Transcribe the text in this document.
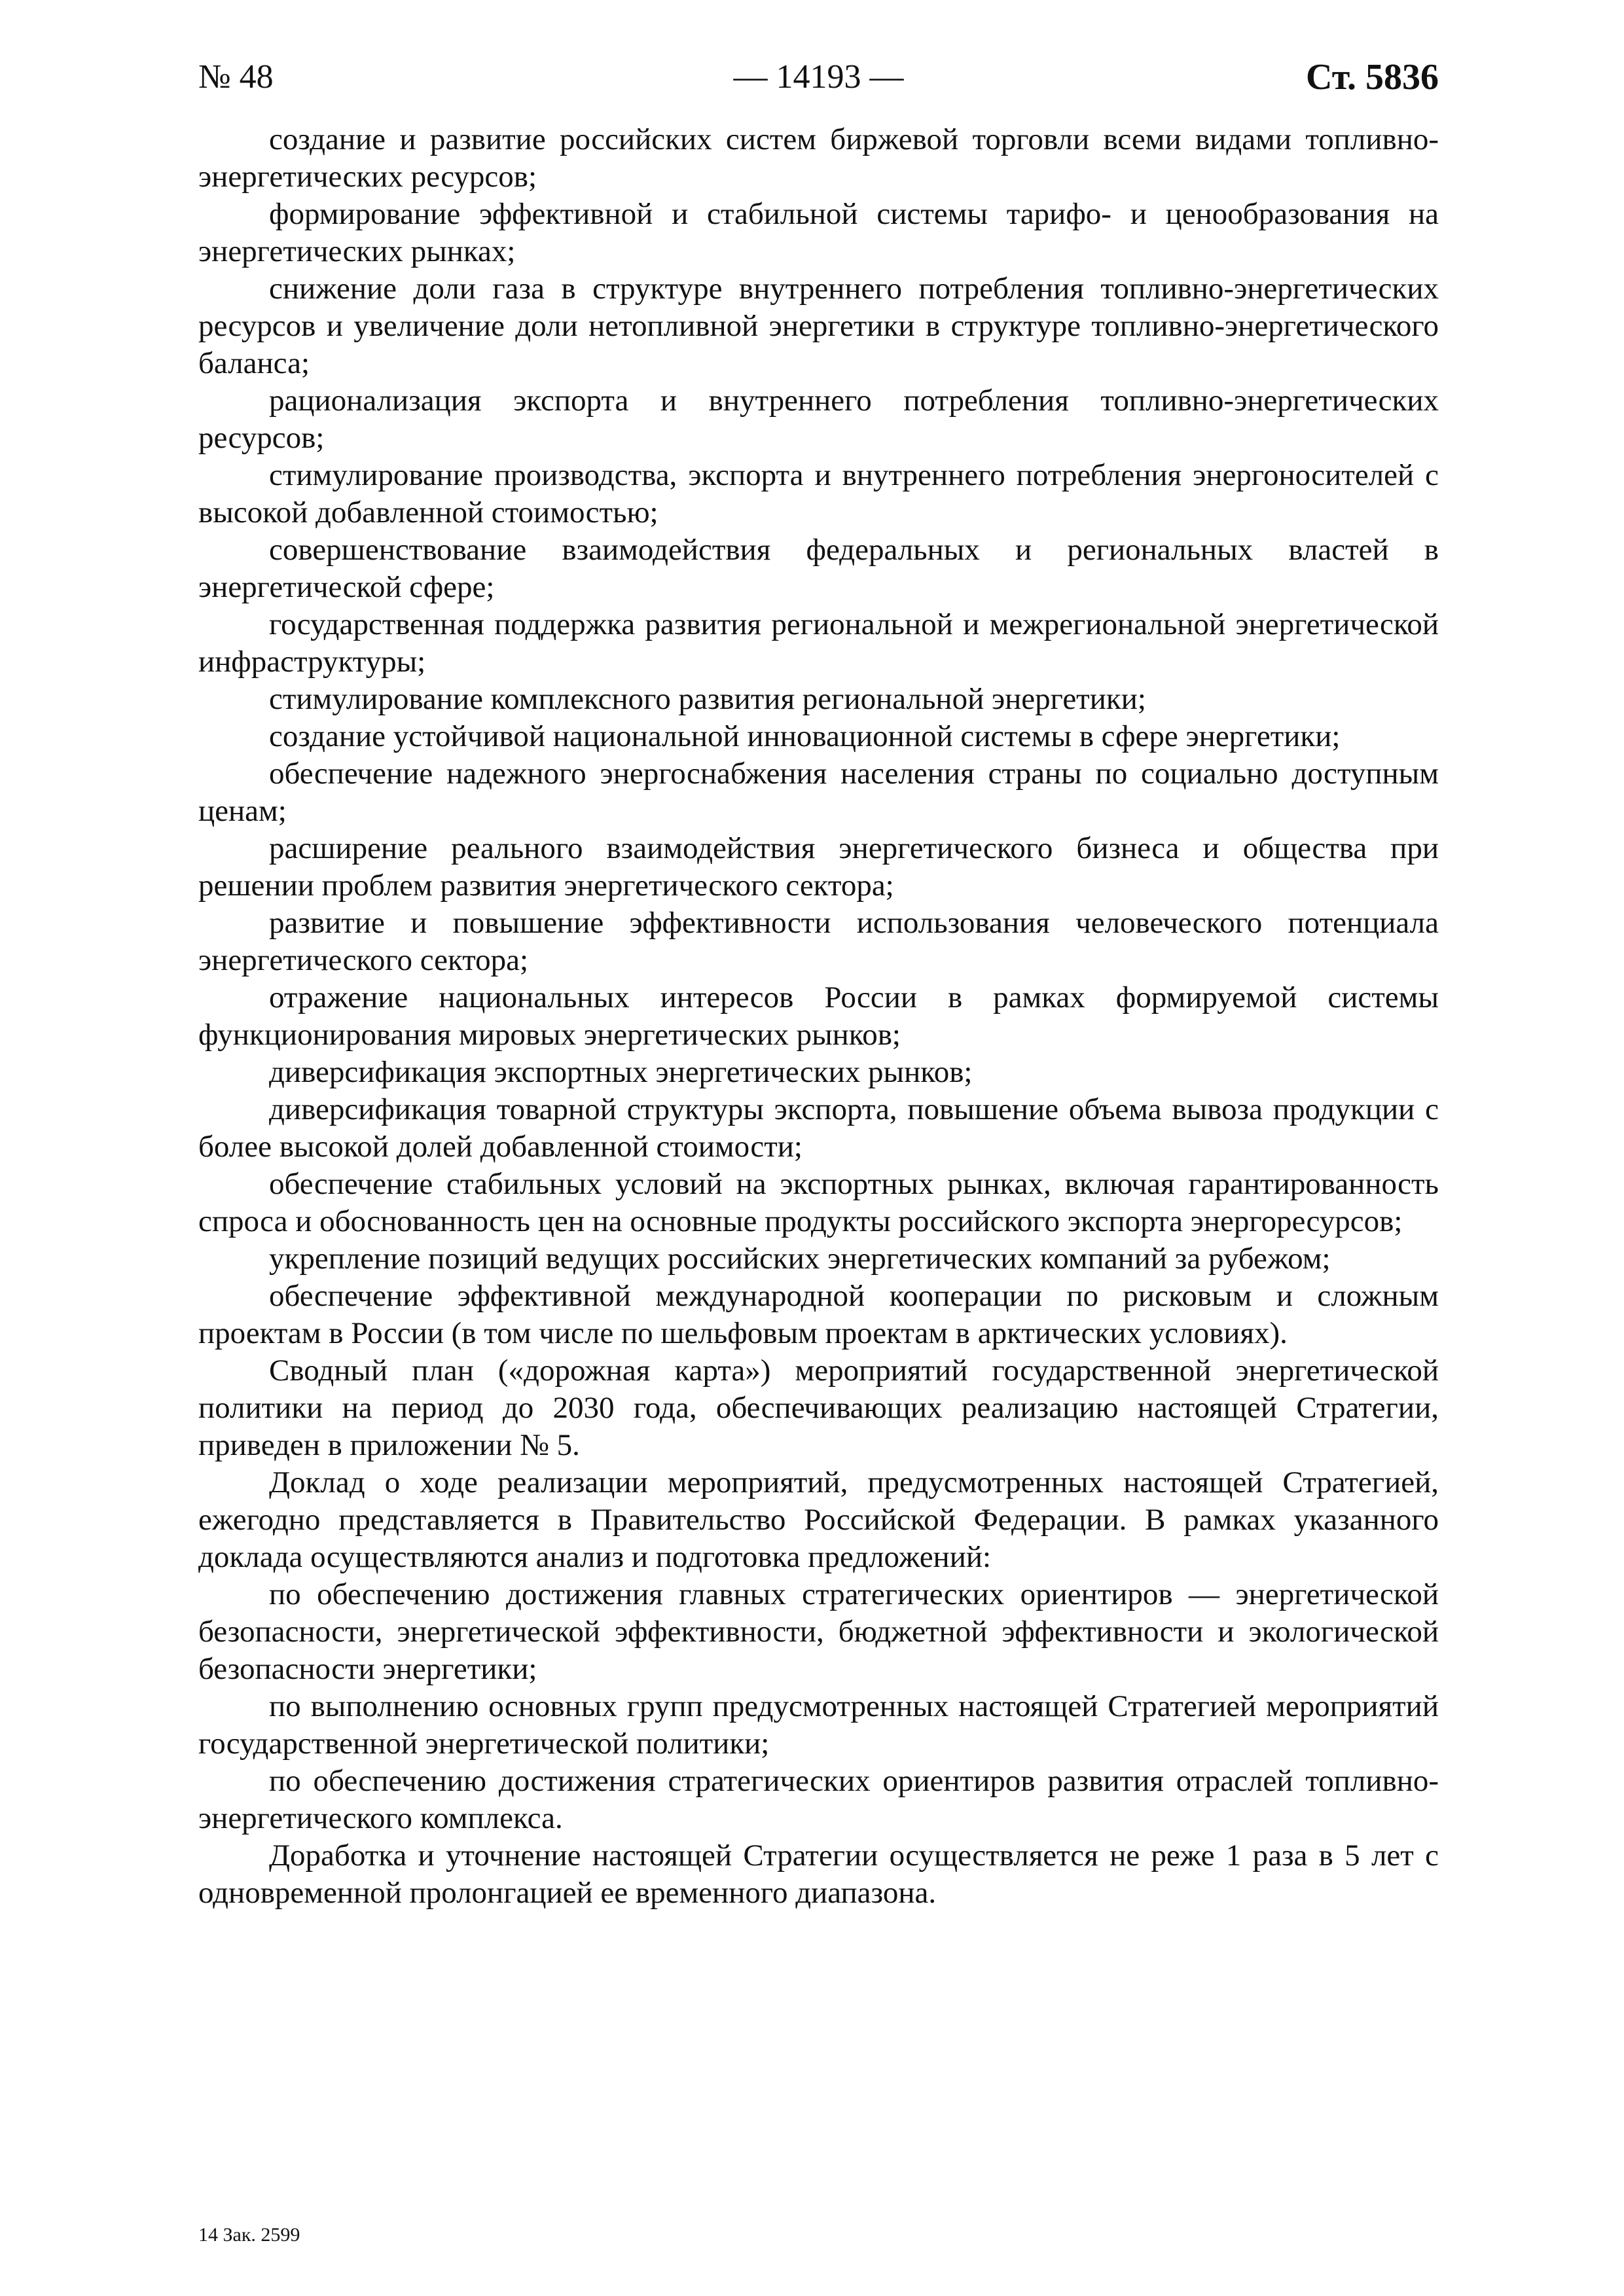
№ 48	— 14193 —	Ст. 5836

создание и развитие российских систем биржевой торговли всеми видами топливно-энергетических ресурсов;

формирование эффективной и стабильной системы тарифо- и ценообразования на энергетических рынках;

снижение доли газа в структуре внутреннего потребления топливно-энергетических ресурсов и увеличение доли нетопливной энергетики в структуре топливно-энергетического баланса;

рационализация экспорта и внутреннего потребления топливно-энергетических ресурсов;

стимулирование производства, экспорта и внутреннего потребления энергоносителей с высокой добавленной стоимостью;

совершенствование взаимодействия федеральных и региональных властей в энергетической сфере;

государственная поддержка развития региональной и межрегиональной энергетической инфраструктуры;

стимулирование комплексного развития региональной энергетики;

создание устойчивой национальной инновационной системы в сфере энергетики;

обеспечение надежного энергоснабжения населения страны по социально доступным ценам;

расширение реального взаимодействия энергетического бизнеса и общества при решении проблем развития энергетического сектора;

развитие и повышение эффективности использования человеческого потенциала энергетического сектора;

отражение национальных интересов России в рамках формируемой системы функционирования мировых энергетических рынков;

диверсификация экспортных энергетических рынков;

диверсификация товарной структуры экспорта, повышение объема вывоза продукции с более высокой долей добавленной стоимости;

обеспечение стабильных условий на экспортных рынках, включая гарантированность спроса и обоснованность цен на основные продукты российского экспорта энергоресурсов;

укрепление позиций ведущих российских энергетических компаний за рубежом;

обеспечение эффективной международной кооперации по рисковым и сложным проектам в России (в том числе по шельфовым проектам в арктических условиях).

Сводный план («дорожная карта») мероприятий государственной энергетической политики на период до 2030 года, обеспечивающих реализацию настоящей Стратегии, приведен в приложении № 5.

Доклад о ходе реализации мероприятий, предусмотренных настоящей Стратегией, ежегодно представляется в Правительство Российской Федерации. В рамках указанного доклада осуществляются анализ и подготовка предложений:

по обеспечению достижения главных стратегических ориентиров — энергетической безопасности, энергетической эффективности, бюджетной эффективности и экологической безопасности энергетики;

по выполнению основных групп предусмотренных настоящей Стратегией мероприятий государственной энергетической политики;

по обеспечению достижения стратегических ориентиров развития отраслей топливно-энергетического комплекса.

Доработка и уточнение настоящей Стратегии осуществляется не реже 1 раза в 5 лет с одновременной пролонгацией ее временного диапазона.

14 Зак. 2599
